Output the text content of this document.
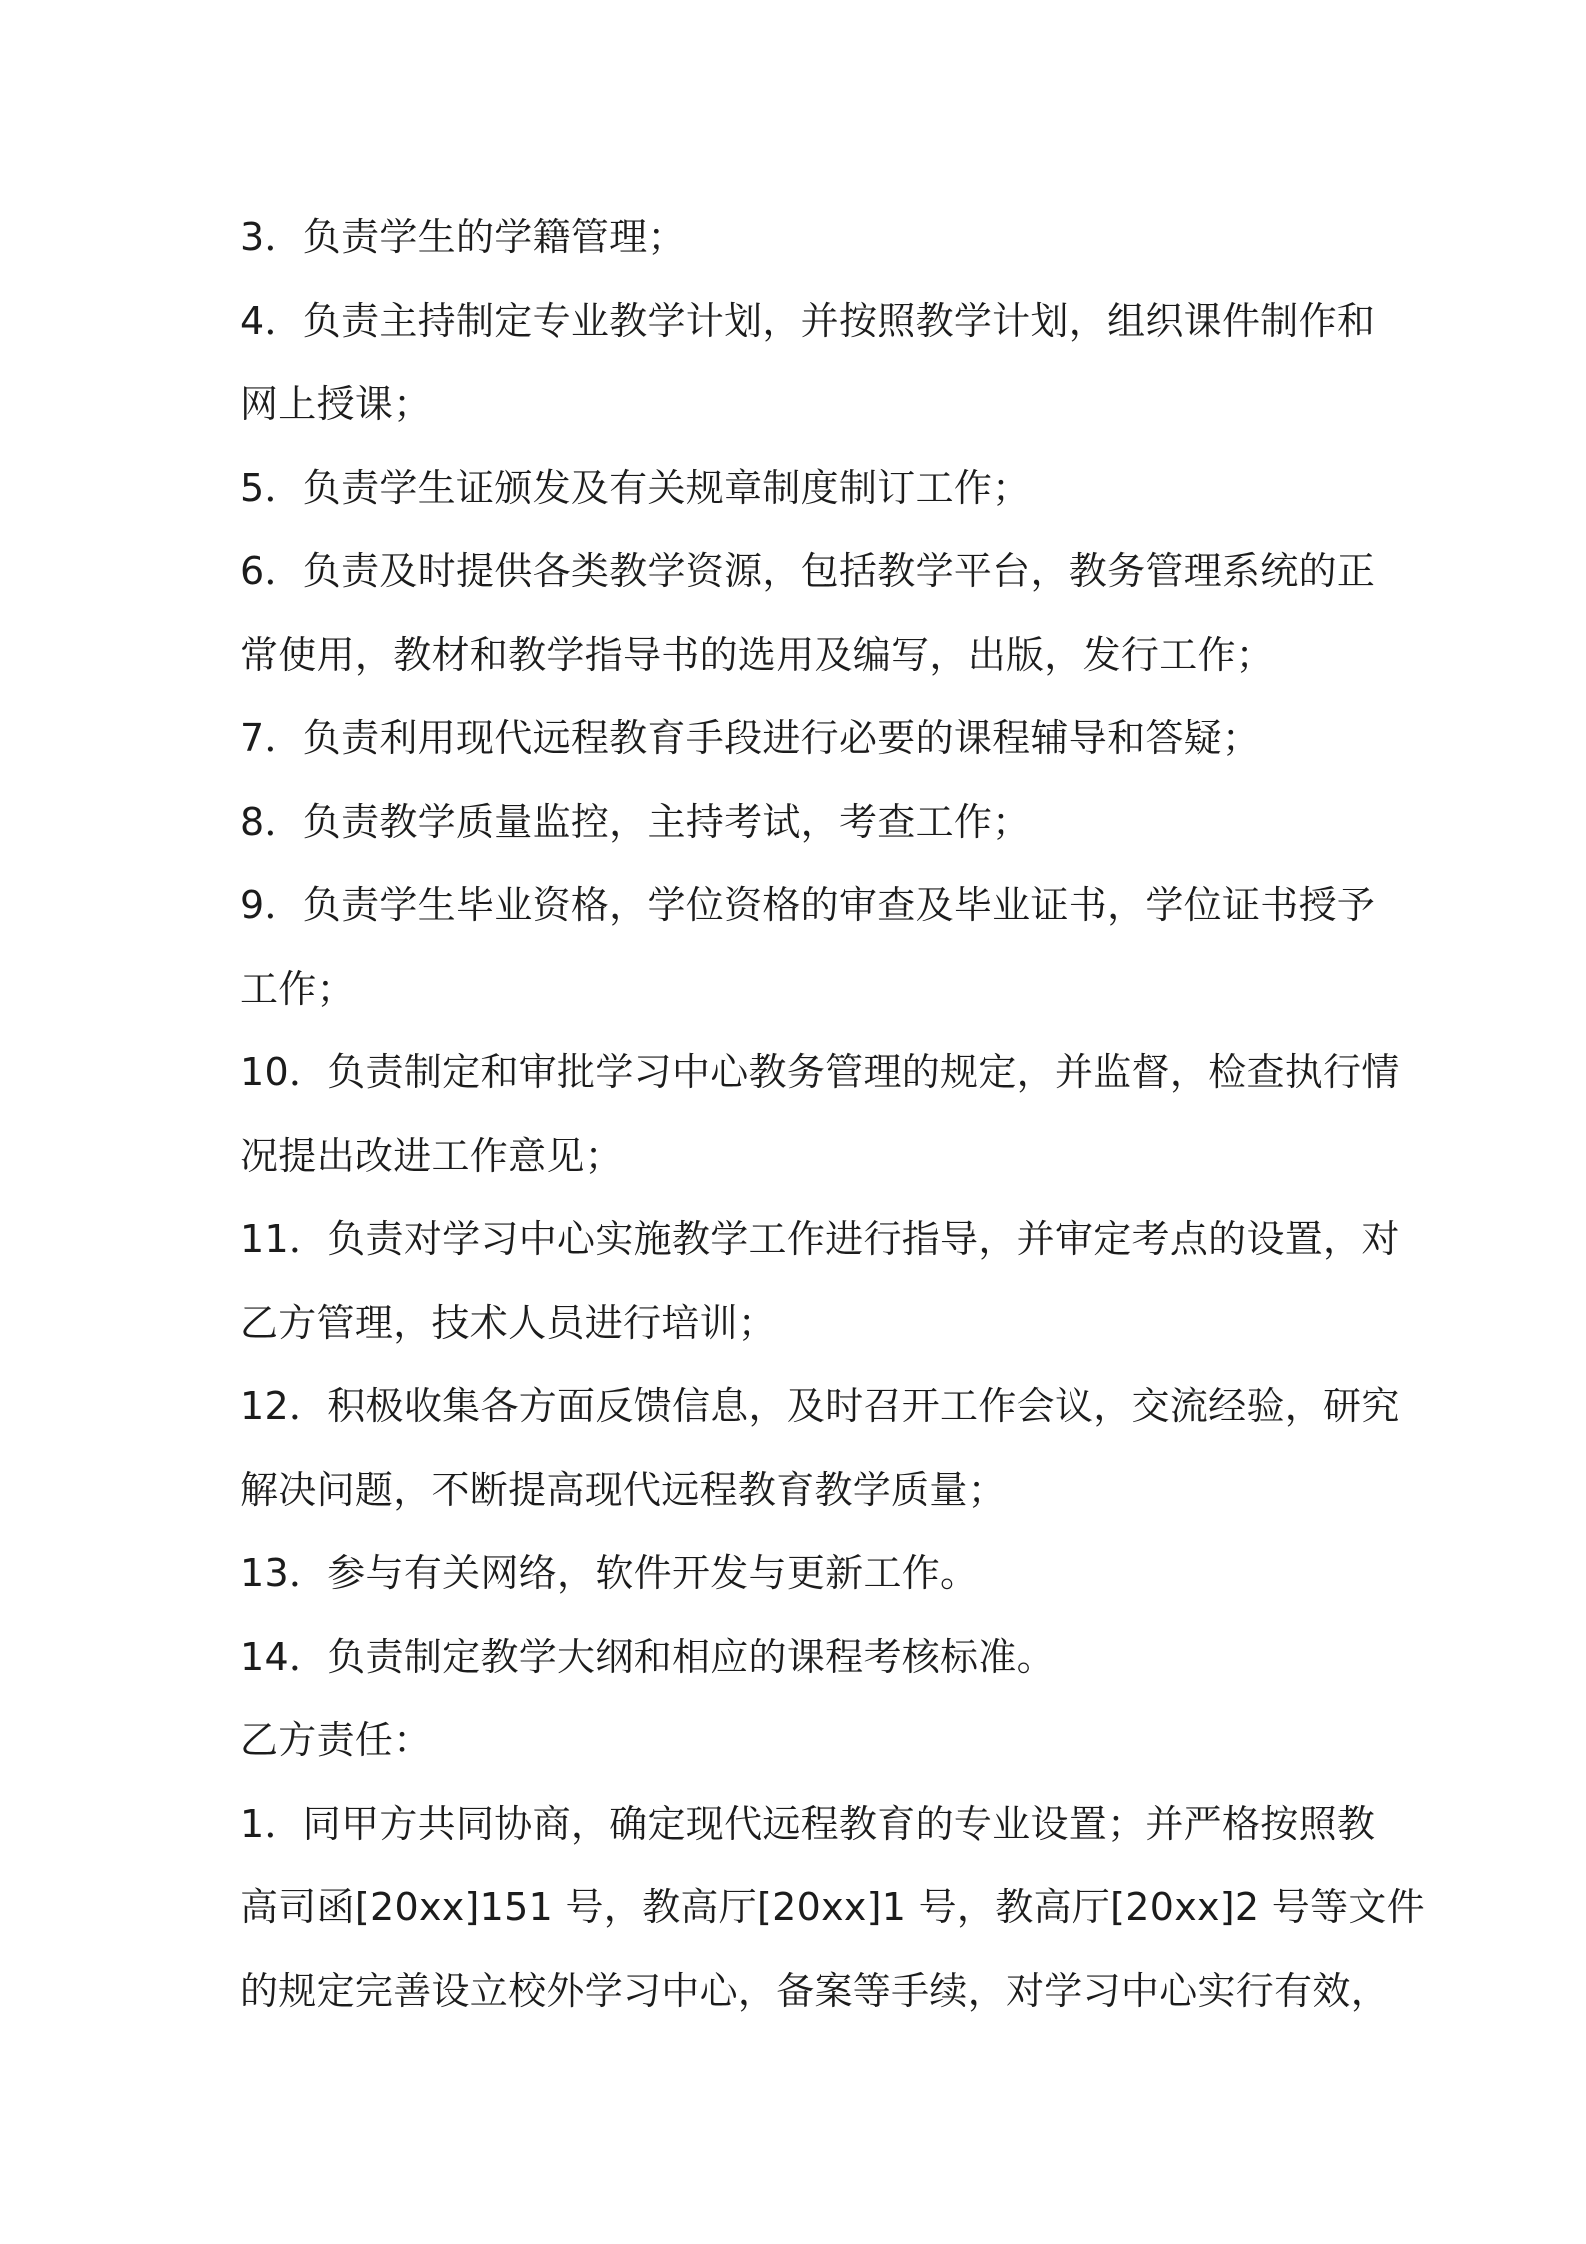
3．负责学生的学籍管理；

4．负责主持制定专业教学计划，并按照教学计划，组织课件制作和

网上授课；

5．负责学生证颁发及有关规章制度制订工作；

6．负责及时提供各类教学资源，包括教学平台，教务管理系统的正

常使用，教材和教学指导书的选用及编写，出版，发行工作；

7．负责利用现代远程教育手段进行必要的课程辅导和答疑；

8．负责教学质量监控，主持考试，考查工作；

9．负责学生毕业资格，学位资格的审查及毕业证书，学位证书授予

工作；

10．负责制定和审批学习中心教务管理的规定，并监督，检查执行情

况提出改进工作意见；

11．负责对学习中心实施教学工作进行指导，并审定考点的设置，对

乙方管理，技术人员进行培训；

12．积极收集各方面反馈信息，及时召开工作会议，交流经验，研究

解决问题，不断提高现代远程教育教学质量；

13．参与有关网络，软件开发与更新工作。

14．负责制定教学大纲和相应的课程考核标准。

乙方责任：

1．同甲方共同协商，确定现代远程教育的专业设置；并严格按照教

高司函[20xx]151 号，教高厅[20xx]1 号，教高厅[20xx]2 号等文件

的规定完善设立校外学习中心，备案等手续，对学习中心实行有效，
